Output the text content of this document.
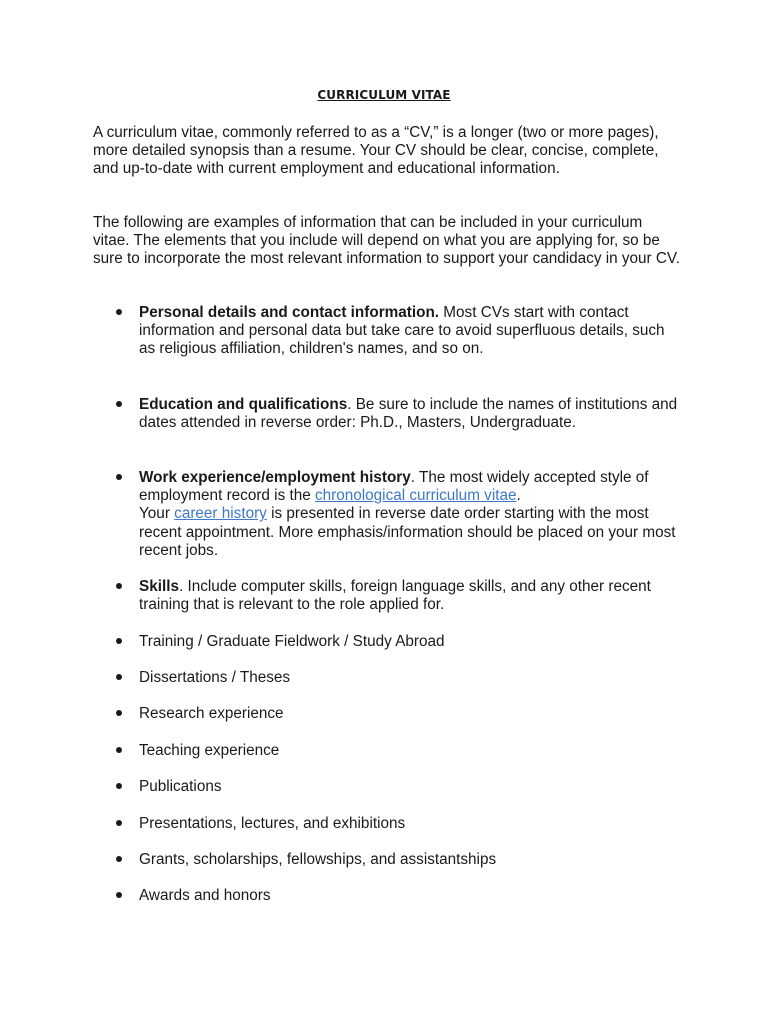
CURRICULUM VITAE

A curriculum vitae, commonly referred to as a “CV,” is a longer (two or more pages), more detailed synopsis than a resume. Your CV should be clear, concise, complete, and up-to-date with current employment and educational information.

The following are examples of information that can be included in your curriculum vitae. The elements that you include will depend on what you are applying for, so be sure to incorporate the most relevant information to support your candidacy in your CV.

Personal details and contact information. Most CVs start with contact information and personal data but take care to avoid superfluous details, such as religious affiliation, children's names, and so on.
Education and qualifications. Be sure to include the names of institutions and dates attended in reverse order: Ph.D., Masters, Undergraduate.
Work experience/employment history. The most widely accepted style of employment record is the chronological curriculum vitae.
Your career history is presented in reverse date order starting with the most recent appointment. More emphasis/information should be placed on your most recent jobs.
Skills. Include computer skills, foreign language skills, and any other recent training that is relevant to the role applied for.
Training / Graduate Fieldwork / Study Abroad
Dissertations / Theses
Research experience
Teaching experience
Publications
Presentations, lectures, and exhibitions
Grants, scholarships, fellowships, and assistantships
Awards and honors
